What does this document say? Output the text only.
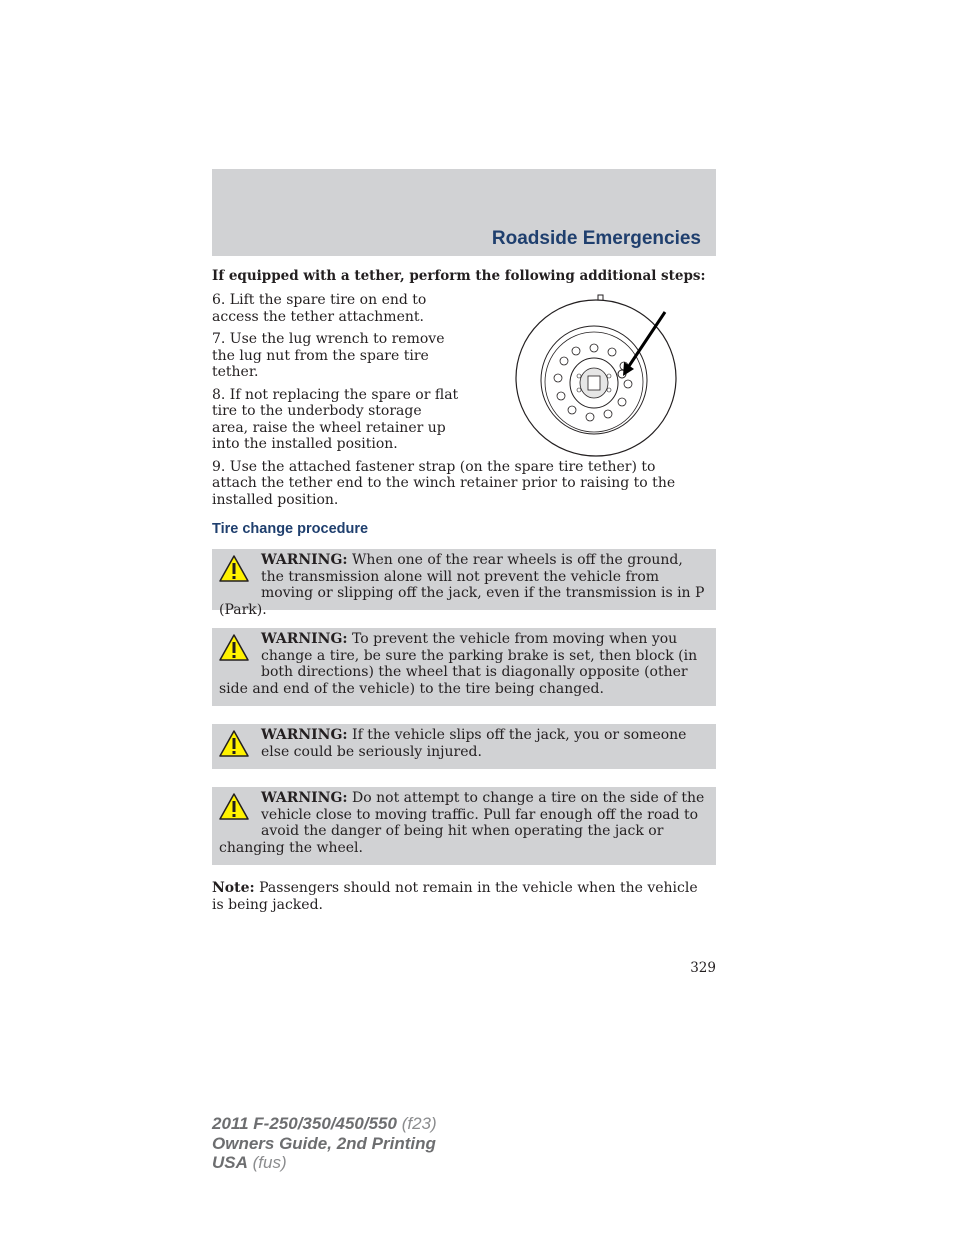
Roadside Emergencies
If equipped with a tether, perform the following additional steps:

6. Lift the spare tire on end to access the tether attachment.

7. Use the lug wrench to remove the lug nut from the spare tire tether.

8. If not replacing the spare or flat tire to the underbody storage area, raise the wheel retainer up into the installed position.

9. Use the attached fastener strap (on the spare tire tether) to attach the tether end to the winch retainer prior to raising to the installed position.

Tire change procedure
WARNING: When one of the rear wheels is off the ground, the transmission alone will not prevent the vehicle from moving or slipping off the jack, even if the transmission is in P (Park).
WARNING: To prevent the vehicle from moving when you change a tire, be sure the parking brake is set, then block (in both directions) the wheel that is diagonally opposite (other side and end of the vehicle) to the tire being changed.
WARNING: If the vehicle slips off the jack, you or someone else could be seriously injured.
WARNING: Do not attempt to change a tire on the side of the vehicle close to moving traffic. Pull far enough off the road to avoid the danger of being hit when operating the jack or changing the wheel.
Note: Passengers should not remain in the vehicle when the vehicle is being jacked.
329
2011 F-250/350/450/550 (f23)
Owners Guide, 2nd Printing
USA (fus)
